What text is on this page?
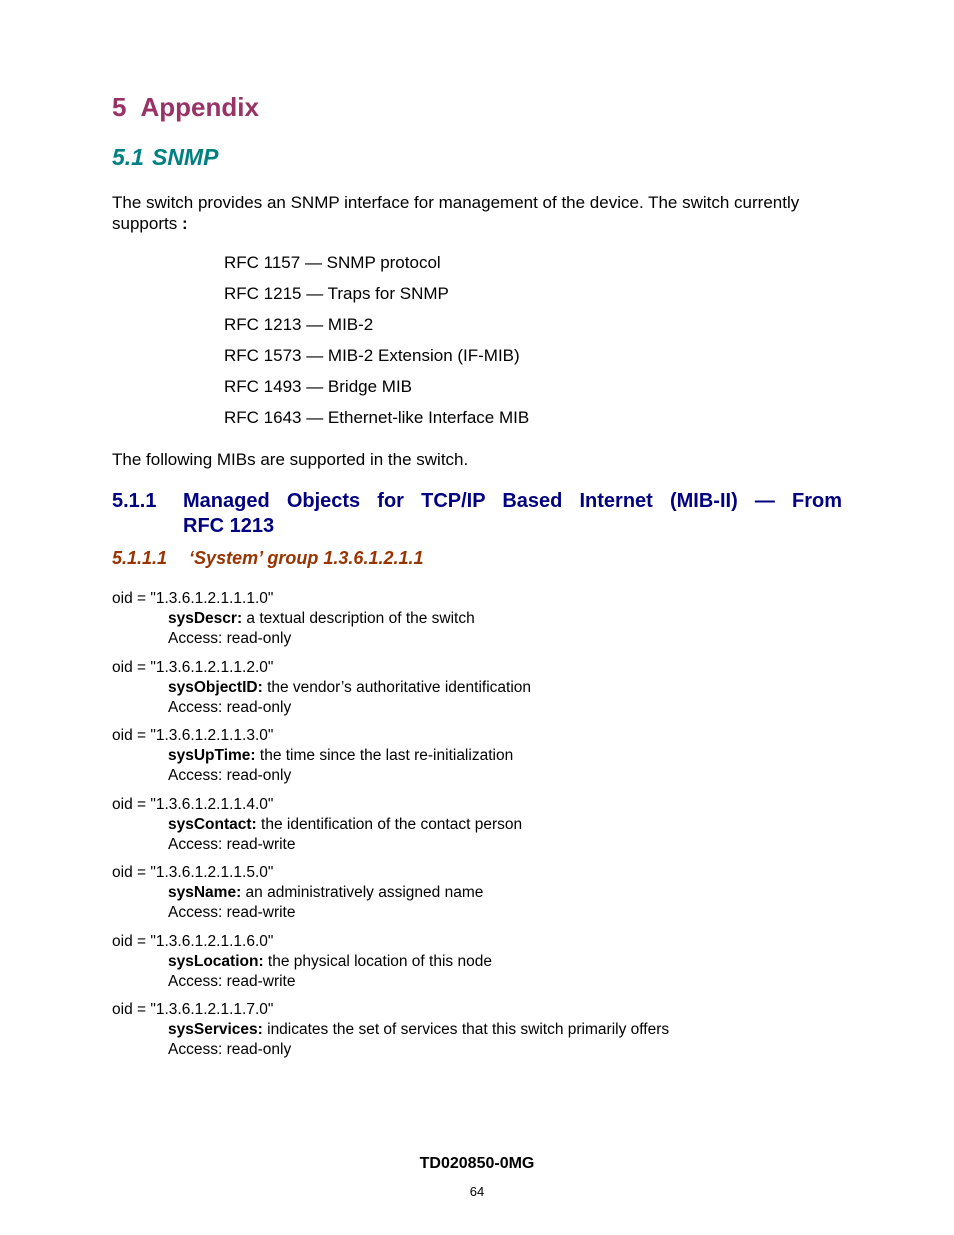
5 Appendix
5.1 SNMP
The switch provides an SNMP interface for management of the device. The switch currently supports :
RFC 1157 — SNMP protocol
RFC 1215 — Traps for SNMP
RFC 1213 — MIB-2
RFC 1573 — MIB-2 Extension (IF-MIB)
RFC 1493 — Bridge MIB
RFC 1643 — Ethernet-like Interface MIB
The following MIBs are supported in the switch.
5.1.1 Managed Objects for TCP/IP Based Internet (MIB-II) — From
RFC 1213
5.1.1.1 ‘System’ group 1.3.6.1.2.1.1
oid = "1.3.6.1.2.1.1.1.0"
sysDescr: a textual description of the switch
Access: read-only
oid = "1.3.6.1.2.1.1.2.0"
sysObjectID: the vendor’s authoritative identification
Access: read-only
oid = "1.3.6.1.2.1.1.3.0"
sysUpTime: the time since the last re-initialization
Access: read-only
oid = "1.3.6.1.2.1.1.4.0"
sysContact: the identification of the contact person
Access: read-write
oid = "1.3.6.1.2.1.1.5.0"
sysName: an administratively assigned name
Access: read-write
oid = "1.3.6.1.2.1.1.6.0"
sysLocation: the physical location of this node
Access: read-write
oid = "1.3.6.1.2.1.1.7.0"
sysServices: indicates the set of services that this switch primarily offers
Access: read-only
TD020850-0MG
64
